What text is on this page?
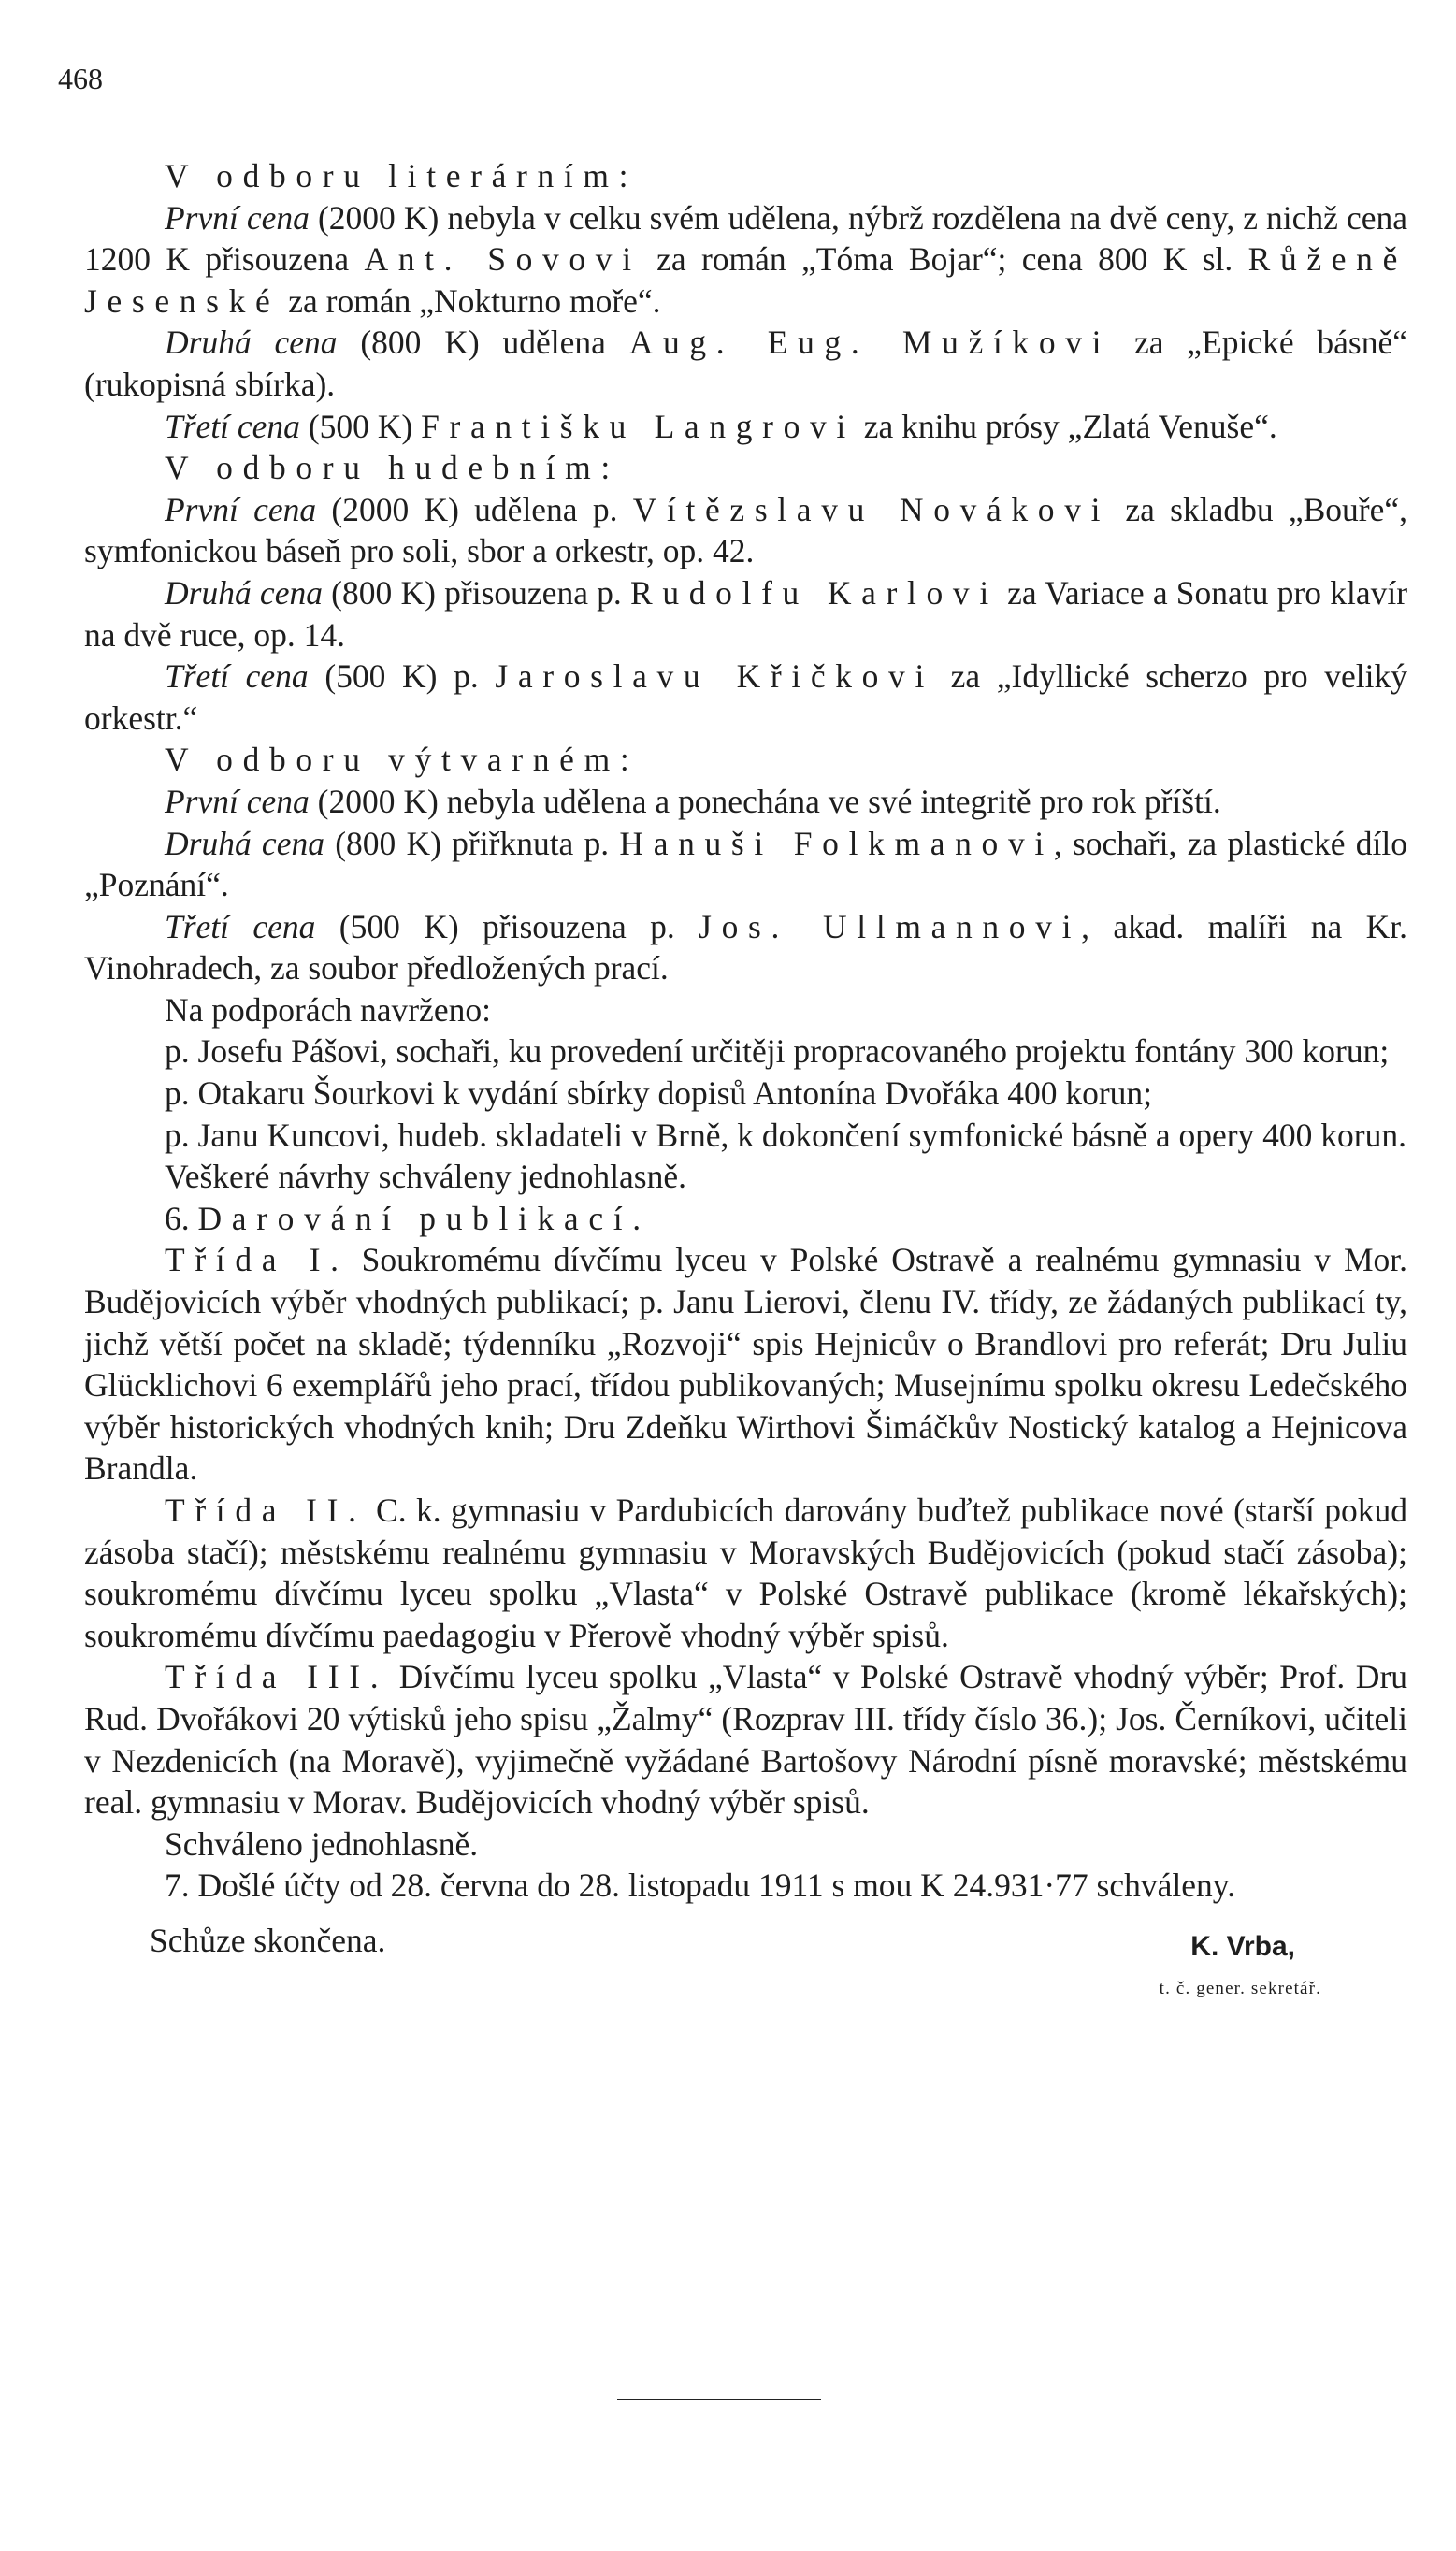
468

V odboru literárním:

První cena (2000 K) nebyla v celku svém udělena, nýbrž rozdělena na dvě ceny, z nichž cena 1200 K přisouzena Ant. Sovovi za román „Tóma Bojar“; cena 800 K sl. Růženě Jesenské za román „Nokturno moře“.

Druhá cena (800 K) udělena Aug. Eug. Mužíkovi za „Epické básně“ (rukopisná sbírka).

Třetí cena (500 K) Františku Langrovi za knihu prósy „Zlatá Venuše“.

V odboru hudebním:

První cena (2000 K) udělena p. Vítězslavu Novákovi za skladbu „Bouře“, symfonickou báseň pro soli, sbor a orkestr, op. 42.

Druhá cena (800 K) přisouzena p. Rudolfu Karlovi za Variace a Sonatu pro klavír na dvě ruce, op. 14.

Třetí cena (500 K) p. Jaroslavu Křičkovi za „Idyllické scherzo pro veliký orkestr.“

V odboru výtvarném:

První cena (2000 K) nebyla udělena a ponechána ve své integritě pro rok příští.

Druhá cena (800 K) přiřknuta p. Hanuši Folkmanovi, sochaři, za plastické dílo „Poznání“.

Třetí cena (500 K) přisouzena p. Jos. Ullmannovi, akad. malíři na Kr. Vinohradech, za soubor předložených prací.

Na podporách navrženo:

p. Josefu Pášovi, sochaři, ku provedení určitěji propracovaného projektu fontány 300 korun;

p. Otakaru Šourkovi k vydání sbírky dopisů Antonína Dvořáka 400 korun;

p. Janu Kuncovi, hudeb. skladateli v Brně, k dokončení symfonické básně a opery 400 korun.

Veškeré návrhy schváleny jednohlasně.

6. Darování publikací.

Třída I. Soukromému dívčímu lyceu v Polské Ostravě a realnému gymnasiu v Mor. Budějovicích výběr vhodných publikací; p. Janu Lierovi, členu IV. třídy, ze žádaných publikací ty, jichž větší počet na skladě; týdenníku „Rozvoji“ spis Hejnicův o Brandlovi pro referát; Dru Juliu Glücklichovi 6 exemplářů jeho prací, třídou publikovaných; Musejnímu spolku okresu Ledečského výběr historických vhodných knih; Dru Zdeňku Wirthovi Šimáčkův Nostický katalog a Hejnicova Brandla.

Třída II. C. k. gymnasiu v Pardubicích darovány buďtež publikace nové (starší pokud zásoba stačí); městskému realnému gymnasiu v Moravských Budějovicích (pokud stačí zásoba); soukromému dívčímu lyceu spolku „Vlasta“ v Polské Ostravě publikace (kromě lékařských); soukromému dívčímu paedagogiu v Přerově vhodný výběr spisů.

Třída III. Dívčímu lyceu spolku „Vlasta“ v Polské Ostravě vhodný výběr; Prof. Dru Rud. Dvořákovi 20 výtisků jeho spisu „Žalmy“ (Rozprav III. třídy číslo 36.); Jos. Černíkovi, učiteli v Nezdenicích (na Moravě), vyjimečně vyžádané Bartošovy Národní písně moravské; městskému real. gymnasiu v Morav. Budějovicích vhodný výběr spisů.

Schváleno jednohlasně.

7. Došlé účty od 28. června do 28. listopadu 1911 s mou K 24.931·77 schváleny.

Schůze skončena.	K. Vrba,
t. č. gener. sekretář.
